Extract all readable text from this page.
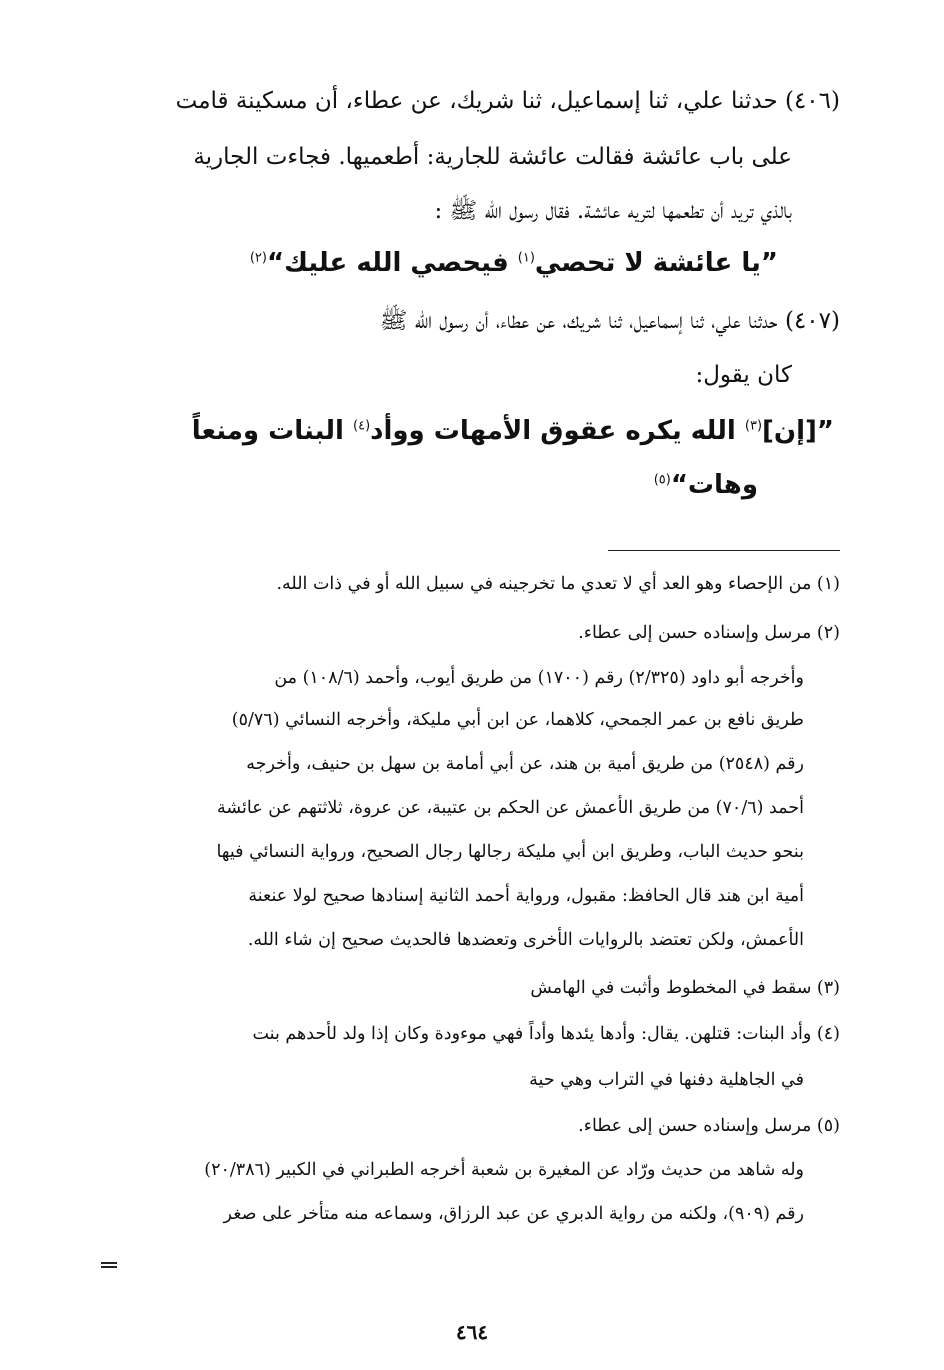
(٤٠٦) حدثنا علي، ثنا إسماعيل، ثنا شريك، عن عطاء، أن مسكينة قامت
على باب عائشة فقالت عائشة للجارية: أطعميها. فجاءت الجارية
بالذي تريد أن تطعمها لتريه عائشة. فقال رسول الله ﷺ :
”يا عائشة لا تحصي$^{(١)}$ فيحصي الله عليك“$^{(٢)}$
(٤٠٧) حدثنا علي، ثنا إسماعيل، ثنا شريك، عن عطاء، أن رسول الله ﷺ
كان يقول:
”[إن]$^{(٣)}$ الله يكره عقوق الأمهات ووأد$^{(٤)}$ البنات ومنعاً
وهات“$^{(٥)}$
(١) من الإحصاء وهو العد أي لا تعدي ما تخرجينه في سبيل الله أو في ذات الله.
(٢) مرسل وإسناده حسن إلى عطاء.
وأخرجه أبو داود (٢/٣٢٥) رقم (١٧٠٠) من طريق أيوب، وأحمد (١٠٨/٦) من
طريق نافع بن عمر الجمحي، كلاهما، عن ابن أبي مليكة، وأخرجه النسائي (٥/٧٦)
رقم (٢٥٤٨) من طريق أمية بن هند، عن أبي أمامة بن سهل بن حنيف، وأخرجه
أحمد (٧٠/٦) من طريق الأعمش عن الحكم بن عتيبة، عن عروة، ثلاثتهم عن عائشة
بنحو حديث الباب، وطريق ابن أبي مليكة رجالها رجال الصحيح، ورواية النسائي فيها
أمية ابن هند قال الحافظ: مقبول، ورواية أحمد الثانية إسنادها صحيح لولا عنعنة
الأعمش، ولكن تعتضد بالروايات الأخرى وتعضدها فالحديث صحيح إن شاء الله.
(٣) سقط في المخطوط وأثبت في الهامش
(٤) وأد البنات: قتلهن. يقال: وأدها يئدها وأداً فهي موءودة وكان إذا ولد لأحدهم بنت
في الجاهلية دفنها في التراب وهي حية
(٥) مرسل وإسناده حسن إلى عطاء.
وله شاهد من حديث ورّاد عن المغيرة بن شعبة أخرجه الطبراني في الكبير (٢٠/٣٨٦)
رقم (٩٠٩)، ولكنه من رواية الدبري عن عبد الرزاق، وسماعه منه متأخر على صغر
٤٦٤
